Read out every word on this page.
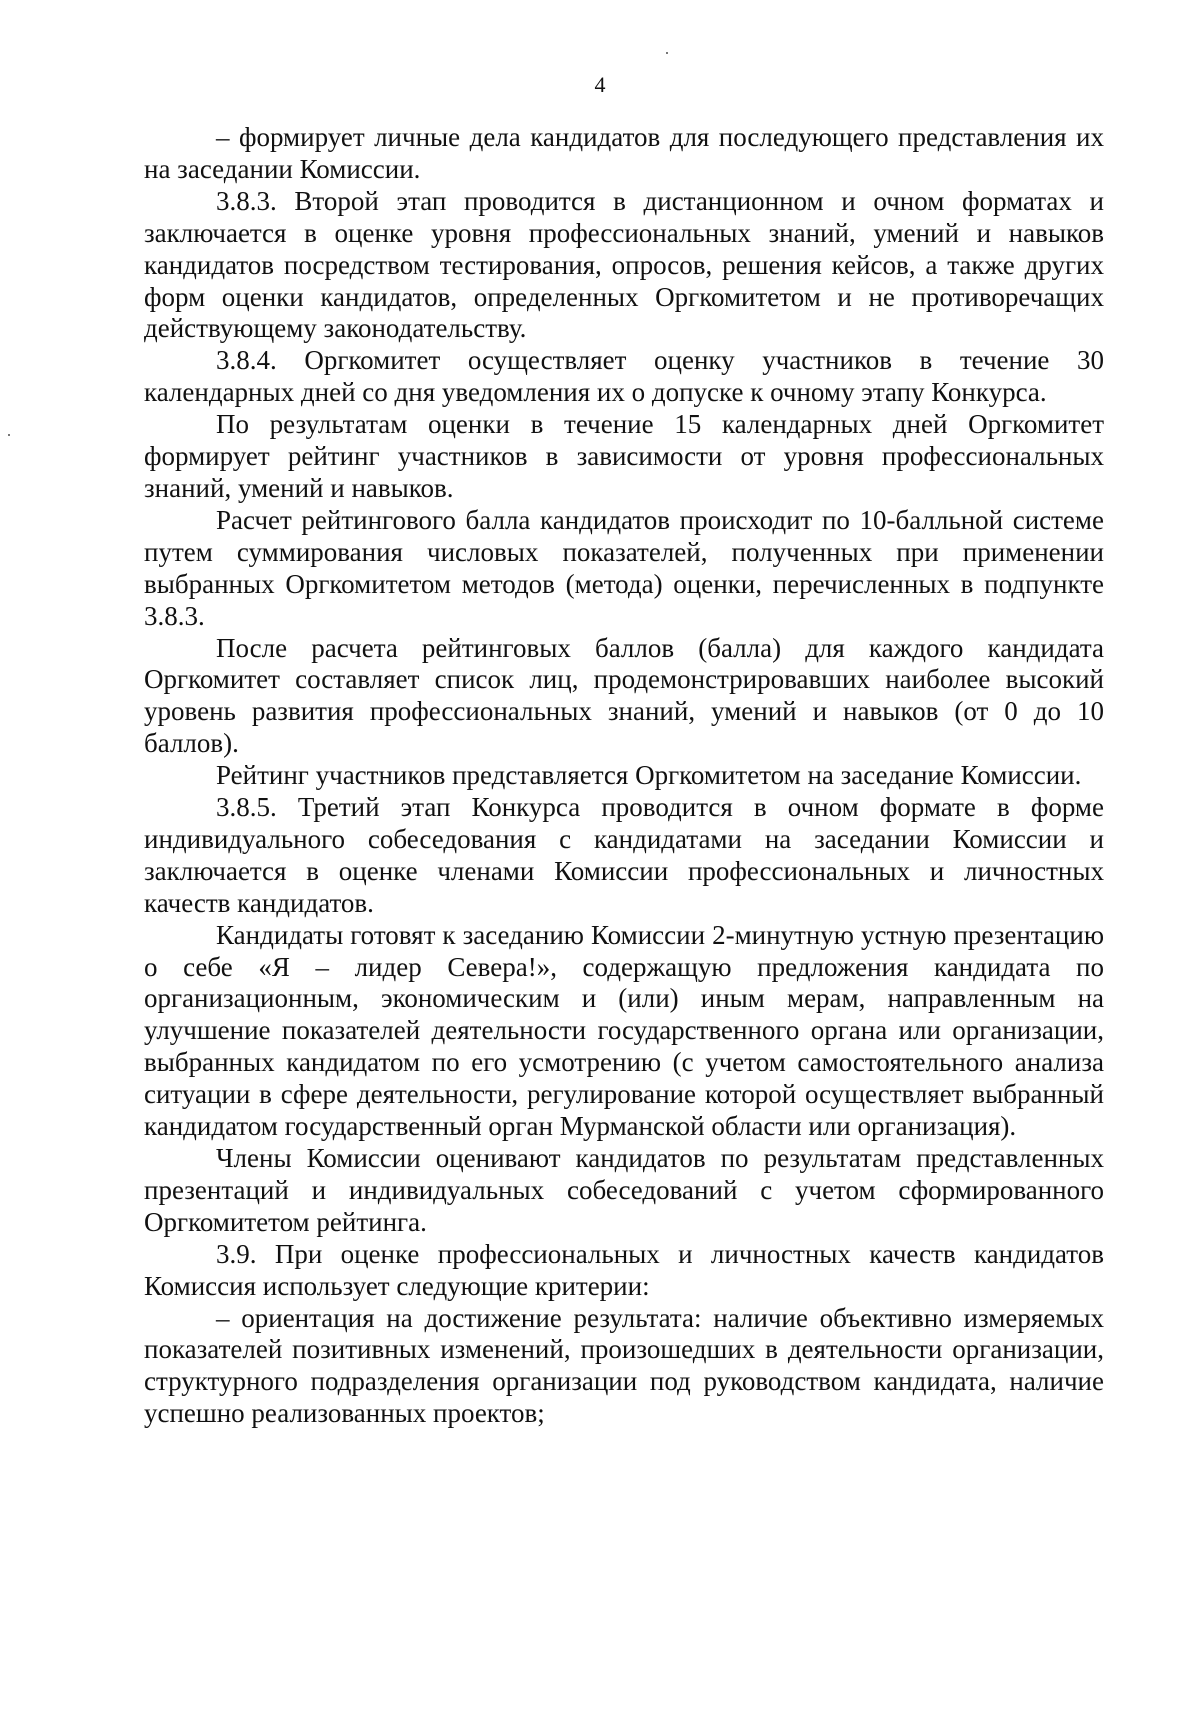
4

– формирует личные дела кандидатов для последующего представления их на заседании Комиссии.

3.8.3. Второй этап проводится в дистанционном и очном форматах и заключается в оценке уровня профессиональных знаний, умений и навыков кандидатов посредством тестирования, опросов, решения кейсов, а также других форм оценки кандидатов, определенных Оргкомитетом и не противоречащих действующему законодательству.

3.8.4. Оргкомитет осуществляет оценку участников в течение 30 календарных дней со дня уведомления их о допуске к очному этапу Конкурса.

По результатам оценки в течение 15 календарных дней Оргкомитет формирует рейтинг участников в зависимости от уровня профессиональных знаний, умений и навыков.

Расчет рейтингового балла кандидатов происходит по 10-балльной системе путем суммирования числовых показателей, полученных при применении выбранных Оргкомитетом методов (метода) оценки, перечисленных в подпункте 3.8.3.

После расчета рейтинговых баллов (балла) для каждого кандидата Оргкомитет составляет список лиц, продемонстрировавших наиболее высокий уровень развития профессиональных знаний, умений и навыков (от 0 до 10 баллов).

Рейтинг участников представляется Оргкомитетом на заседание Комиссии.

3.8.5. Третий этап Конкурса проводится в очном формате в форме индивидуального собеседования с кандидатами на заседании Комиссии и заключается в оценке членами Комиссии профессиональных и личностных качеств кандидатов.

Кандидаты готовят к заседанию Комиссии 2-минутную устную презентацию о себе «Я – лидер Севера!», содержащую предложения кандидата по организационным, экономическим и (или) иным мерам, направленным на улучшение показателей деятельности государственного органа или организации, выбранных кандидатом по его усмотрению (с учетом самостоятельного анализа ситуации в сфере деятельности, регулирование которой осуществляет выбранный кандидатом государственный орган Мурманской области или организация).

Члены Комиссии оценивают кандидатов по результатам представленных презентаций и индивидуальных собеседований с учетом сформированного Оргкомитетом рейтинга.

3.9. При оценке профессиональных и личностных качеств кандидатов Комиссия использует следующие критерии:

– ориентация на достижение результата: наличие объективно измеряемых показателей позитивных изменений, произошедших в деятельности организации, структурного подразделения организации под руководством кандидата, наличие успешно реализованных проектов;
